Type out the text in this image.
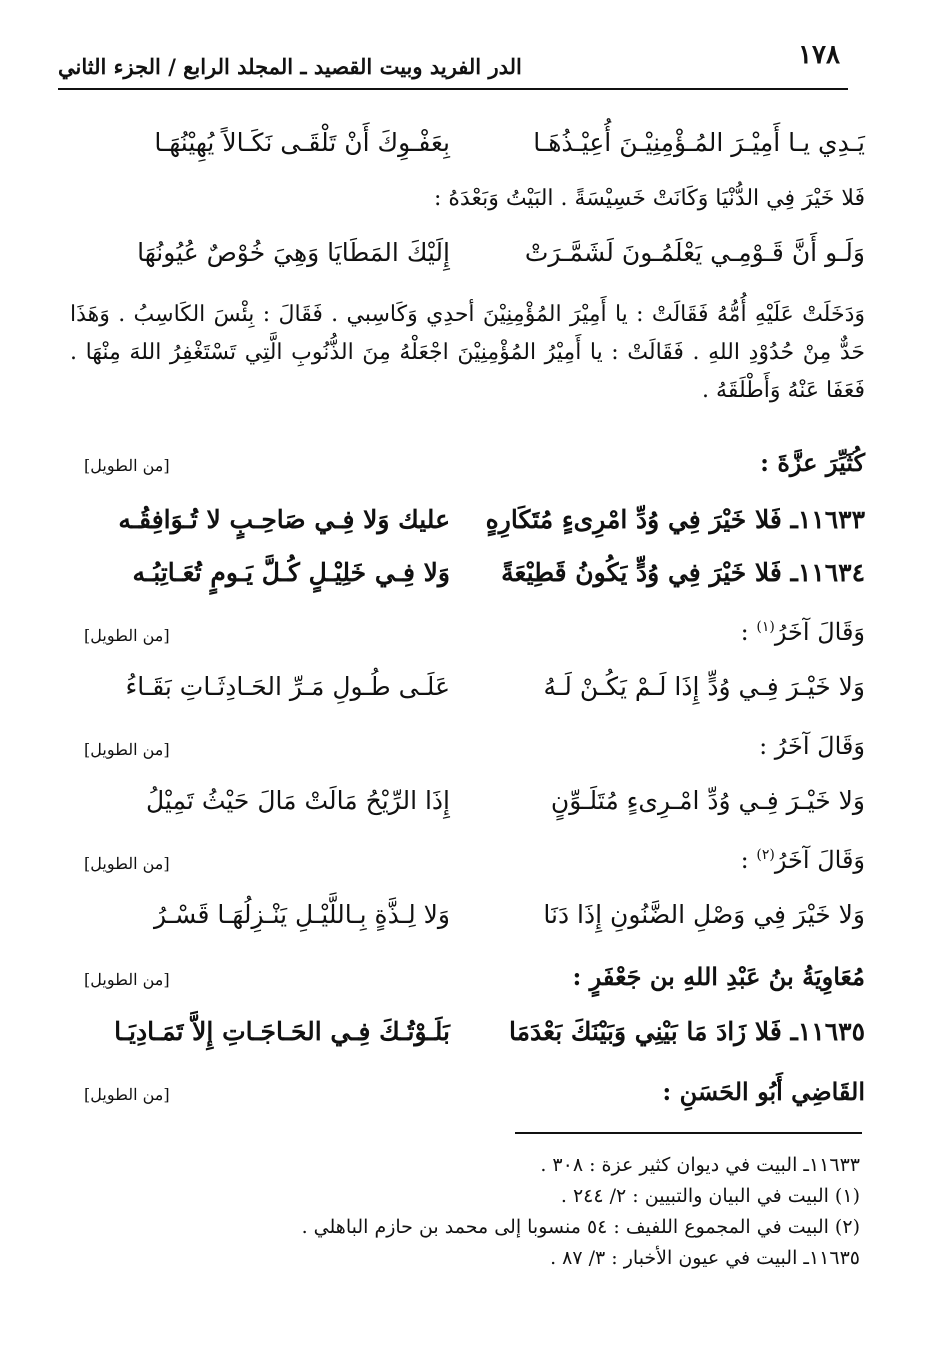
١٧٨
الدر الفريد وبيت القصيد ـ المجلد الرابع / الجزء الثاني
يَـدِي يـا أَمِيْـرَ المُـؤْمِنِيْـنَ أُعِيْـذُهَـا
بِعَفْـوِكَ أَنْ تَلْقَـى نَكَـالاً يُهِيْنُهَـا
فَلا خَيْرَ فِي الدُّنْيَا وَكَانَتْ خَسِيْسَةً . البَيْتُ وَبَعْدَهُ :
وَلَـو أَنَّ قَـوْمِـي يَعْلَمُـونَ لَشَمَّـرَتْ
إِلَيْكَ المَطَايَا وَهِيَ خُوْصٌ عُيُونُهَا
وَدَخَلَتْ عَلَيْهِ أُمُّهُ فَقَالَتْ : يا أَمِيْرَ المُؤْمِنِيْنَ أحدِي وَكَاسِبي . فَقَالَ : بِئْسَ الكَاسِبُ . وَهَذَا حَدٌّ مِنْ حُدُوْدِ اللهِ . فَقَالَتْ : يا أَمِيْرُ المُؤْمِنِيْنَ اجْعَلْهُ مِنَ الذُّنُوبِ الَّتِي تَسْتَغْفِرُ اللهَ مِنْهَا . فَعَفَا عَنْهُ وَأَطْلَقَهُ .
كُثَيِّرَ عزَّةَ :
[من الطويل]
١١٦٣٣ـ فَلا خَيْرَ فِي وُدِّ امْرِىءٍ مُتَكَارِهٍ
عليك وَلا فِـي صَاحِـبٍ لا تُـوَافِقُـه
١١٦٣٤ـ فَلا خَيْرَ فِي وُدٍّ يَكُونُ قَطِيْعَةً
وَلا فِـي خَلِيْـلٍ كُـلَّ يَـومٍ تُعَـاتِبُـه
وَقَالَ آخَرُ$^{(١)}$ :
[من الطويل]
وَلا خَيْـرَ فِـي وُدٍّ إِذَا لَـمْ يَكُـنْ لَـهُ
عَلَـى طُـولِ مَـرِّ الحَـادِثَـاتِ بَقَـاءُ
وَقَالَ آخَرُ :
[من الطويل]
وَلا خَيْـرَ فِـي وُدِّ امْـرِىءٍ مُتَلَـوِّنٍ
إِذَا الرِّيْحُ مَالَتْ مَالَ حَيْثُ تَمِيْلُ
وَقَالَ آخَرُ$^{(٢)}$ :
[من الطويل]
وَلا خَيْرَ فِي وَصْلِ الضَّنُونِ إِذَا دَنَا
وَلا لِـذَّةٍ بِـاللَّيْـلِ يَنْـزِلُهَـا قَسْـرُ
مُعَاوِيَةُ بنُ عَبْدِ اللهِ بن جَعْفَرٍ :
[من الطويل]
١١٦٣٥ـ فَلا زَادَ مَا بَيْنِي وَبَيْنَكَ بَعْدَمَا
بَلَـوْتُـكَ فِـي الحَـاجَـاتِ إِلاَّ تَمَـادِيَـا
القَاضِي أَبُو الحَسَنِ :
[من الطويل]
١١٦٣٣ـ البيت في ديوان كثير عزة : ٣٠٨ .
(١) البيت في البيان والتبيين : ٢/ ٢٤٤ .
(٢) البيت في المجموع اللفيف : ٥٤ منسوبا إلى محمد بن حازم الباهلي .
١١٦٣٥ـ البيت في عيون الأخبار : ٣/ ٨٧ .
